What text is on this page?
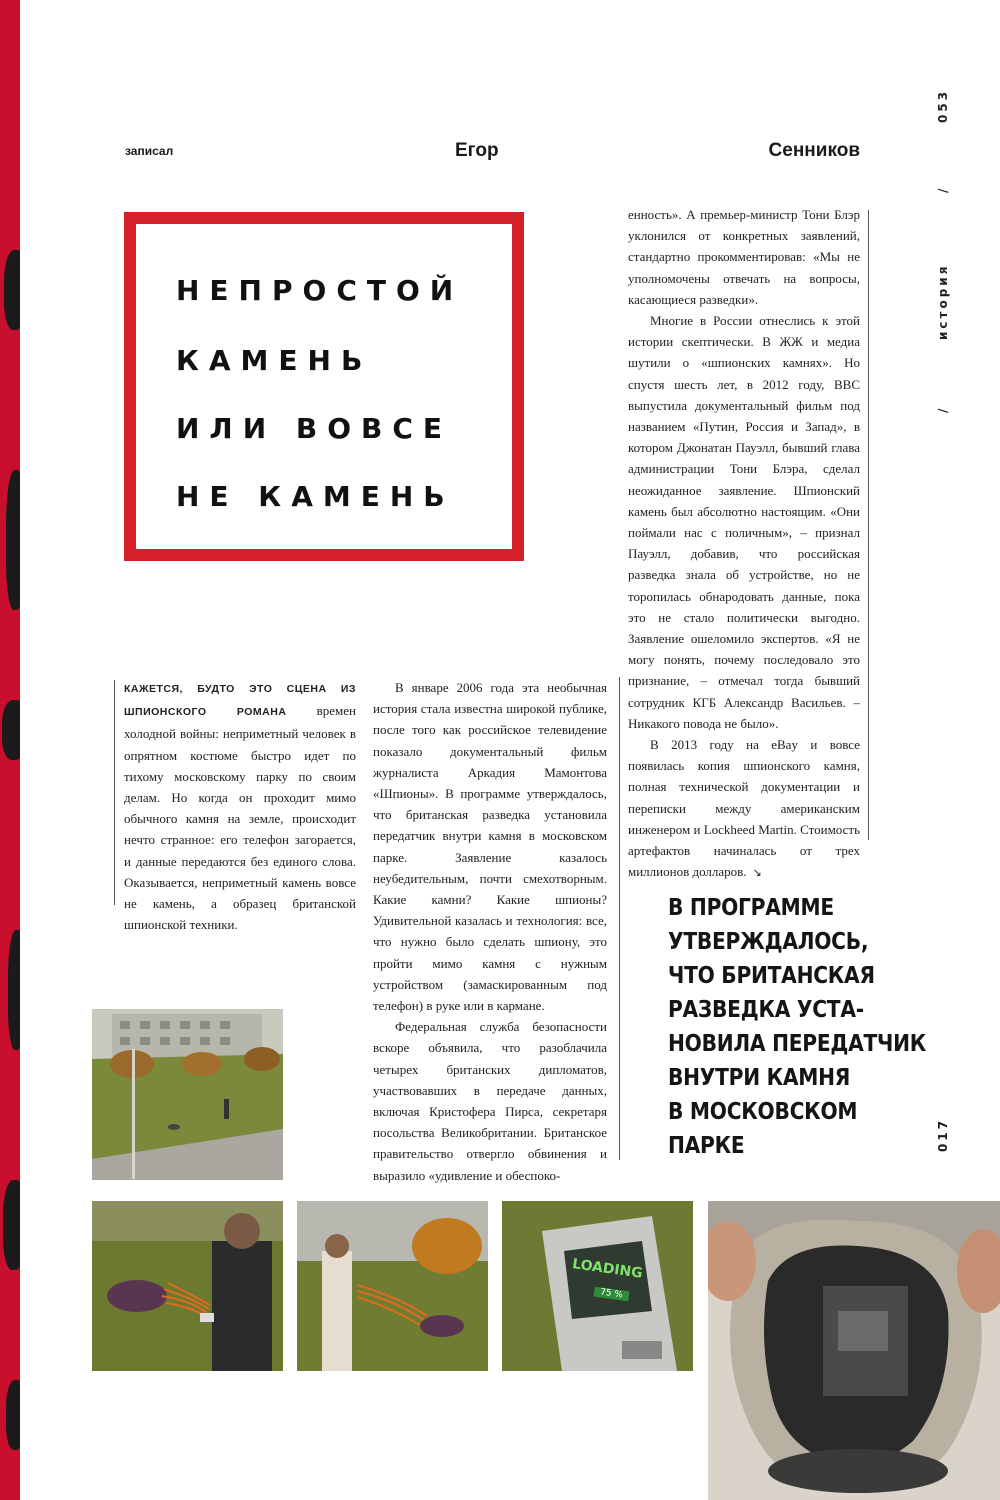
записал	Егор	Сенников
НЕПРОСТОЙ
КАМЕНЬ
ИЛИ ВОВСЕ
НЕ КАМЕНЬ

енность». А премьер-министр Тони Блэр уклонился от конкретных заявлений, стандартно прокомментировав: «Мы не уполномочены отвечать на вопросы, касающиеся разведки».

Многие в России отнеслись к этой истории скептически. В ЖЖ и медиа шутили о «шпионских камнях». Но спустя шесть лет, в 2012 году, BBC выпустила документальный фильм под названием «Путин, Россия и Запад», в котором Джонатан Пауэлл, бывший глава администрации Тони Блэра, сделал неожиданное заявление. Шпионский камень был абсолютно настоящим. «Они поймали нас с поличным», – признал Пауэлл, добавив, что российская разведка знала об устройстве, но не торопилась обнародовать данные, пока это не стало политически выгодно. Заявление ошеломило экспертов. «Я не могу понять, почему последовало это признание, – отмечал тогда бывший сотрудник КГБ Александр Васильев. – Никакого повода не было».

В 2013 году на eBay и вовсе появилась копия шпионского камня, полная технической документации и переписки между американским инженером и Lockheed Martin. Стоимость артефактов начиналась от трех миллионов долларов. ↘

КАЖЕТСЯ, БУДТО ЭТО СЦЕНА ИЗ ШПИОНСКОГО РОМАНА времен холодной войны: неприметный человек в опрятном костюме быстро идет по тихому московскому парку по своим делам. Но когда он проходит мимо обычного камня на земле, происходит нечто странное: его телефон загорается, и данные передаются без единого слова. Оказывается, неприметный камень вовсе не камень, а образец британской шпионской техники.

В январе 2006 года эта необычная история стала известна широкой публике, после того как российское телевидение показало документальный фильм журналиста Аркадия Мамонтова «Шпионы». В программе утверждалось, что британская разведка установила передатчик внутри камня в московском парке. Заявление казалось неубедительным, почти смехотворным. Какие камни? Какие шпионы? Удивительной казалась и технология: все, что нужно было сделать шпиону, это пройти мимо камня с нужным устройством (замаскированным под телефон) в руке или в кармане.

Федеральная служба безопасности вскоре объявила, что разоблачила четырех британских дипломатов, участвовавших в передаче данных, включая Кристофера Пирса, секретаря посольства Великобритании. Британское правительство отвергло обвинения и выразило «удивление и обеспоко-

В ПРОГРАММЕ
УТВЕРЖДАЛОСЬ,
ЧТО БРИТАНСКАЯ
РАЗВЕДКА УСТА-
НОВИЛА ПЕРЕДАТЧИК
ВНУТРИ КАМНЯ
В МОСКОВСКОМ
ПАРКЕ
053
/
история
/
017
LOADING
75 %
